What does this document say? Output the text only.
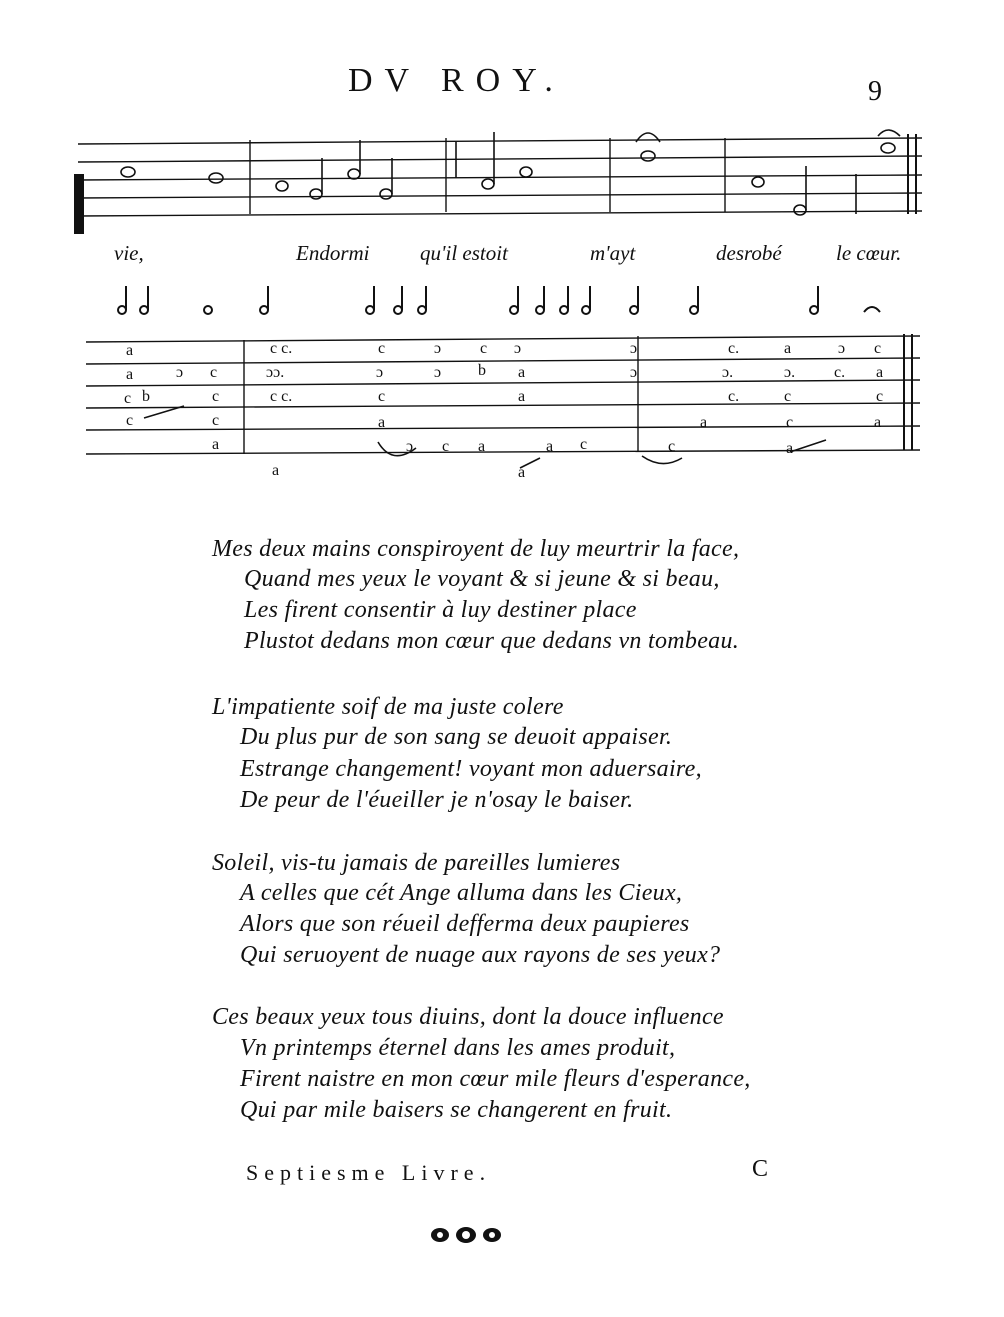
DV ROY.	9
vie,	Endormi qu'il estoit	m'ayt	desrobé	le cœur.
a	c c.	c	ɔ c ɔ	ɔ	c.	a	ɔ c
a	ɔ c	ɔɔ.	ɔ	ɔ b a	ɔ	ɔ.	ɔ. c. a
c b	c	c c.	c	a	c.	c	c
c	c	a	a	c	a
a	ɔ c a	a c	c	a
a	a
Mes deux mains conspiroyent de luy meurtrir la face,
Quand mes yeux le voyant & si jeune & si beau,
Les firent consentir à luy destiner place
Plustot dedans mon cœur que dedans vn tombeau.
L'impatiente soif de ma juste colere
Du plus pur de son sang se deuoit appaiser.
Estrange changement! voyant mon aduersaire,
De peur de l'éueiller je n'osay le baiser.
Soleil, vis-tu jamais de pareilles lumieres
A celles que cét Ange alluma dans les Cieux,
Alors que son réueil defferma deux paupieres
Qui seruoyent de nuage aux rayons de ses yeux?
Ces beaux yeux tous diuins, dont la douce influence
Vn printemps éternel dans les ames produit,
Firent naistre en mon cœur mile fleurs d'esperance,
Qui par mile baisers se changerent en fruit.
Septiesme Livre.	C
